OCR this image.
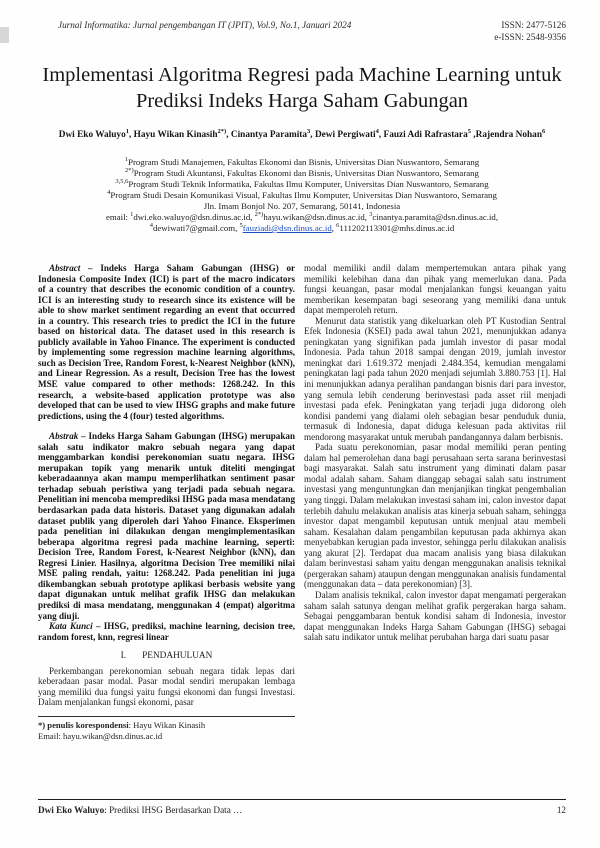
Jurnal Informatika: Jurnal pengembangan IT (JPIT), Vol.9, No.1, Januari 2024	ISSN: 2477-5126
e-ISSN: 2548-9356
Implementasi Algoritma Regresi pada Machine Learning untuk Prediksi Indeks Harga Saham Gabungan
Dwi Eko Waluyo$^1$, Hayu Wikan Kinasih$^{2*)}$, Cinantya Paramita$^3$, Dewi Pergiwati$^4$, Fauzi Adi Rafrastara$^5$ ,Rajendra Nohan$^6$
$^1$Program Studi Manajemen, Fakultas Ekonomi dan Bisnis, Universitas Dian Nuswantoro, Semarang
$^{2*)}$Program Studi Akuntansi, Fakultas Ekonomi dan Bisnis, Universitas Dian Nuswantoro, Semarang
$^{3,5,6}$Program Studi Teknik Informatika, Fakultas Ilmu Komputer, Universitas Dian Nuswantoro, Semarang
$^4$Program Studi Desain Komunikasi Visual, Fakultas Ilmu Komputer, Universitas Dian Nuswantoro, Semarang
Jln. Imam Bonjol No. 207, Semarang, 50141, Indonesia
email: $^1$dwi.eko.waluyo@dsn.dinus.ac.id, $^{2*)}$hayu.wikan@dsn.dinus.ac.id, $^3$cinantya.paramita@dsn.dinus.ac.id,
$^4$dewiwati7@gmail.com, $^5$fauziadi@dsn.dinus.ac.id, $^6$111202113301@mhs.dinus.ac.id

Abstract – Indeks Harga Saham Gabungan (IHSG) or Indonesia Composite Index (ICI) is part of the macro indicators of a country that describes the economic condition of a country. ICI is an interesting study to research since its existence will be able to show market sentiment regarding an event that occurred in a country. This research tries to predict the ICI in the future based on historical data. The dataset used in this research is publicly available in Yahoo Finance. The experiment is conducted by implementing some regression machine learning algorithms, such as Decision Tree, Random Forest, k-Nearest Neighbor (kNN), and Linear Regression. As a result, Decision Tree has the lowest MSE value compared to other methods: 1268.242. In this research, a website-based application prototype was also developed that can be used to view IHSG graphs and make future predictions, using the 4 (four) tested algorithms.

Abstrak – Indeks Harga Saham Gabungan (IHSG) merupakan salah satu indikator makro sebuah negara yang dapat menggambarkan kondisi perekonomian suatu negara. IHSG merupakan topik yang menarik untuk diteliti mengingat keberadaannya akan mampu memperlihatkan sentiment pasar terhadap sebuah peristiwa yang terjadi pada sebuah negara. Penelitian ini mencoba memprediksi IHSG pada masa mendatang berdasarkan pada data historis. Dataset yang digunakan adalah dataset publik yang diperoleh dari Yahoo Finance. Eksperimen pada penelitian ini dilakukan dengan mengimplementasikan beberapa algoritma regresi pada machine learning, seperti: Decision Tree, Random Forest, k-Nearest Neighbor (kNN), dan Regresi Linier. Hasilnya, algoritma Decision Tree memiliki nilai MSE paling rendah, yaitu: 1268.242. Pada penelitian ini juga dikembangkan sebuah prototype aplikasi berbasis website yang dapat digunakan untuk melihat grafik IHSG dan melakukan prediksi di masa mendatang, menggunakan 4 (empat) algoritma yang diuji.

Kata Kunci – IHSG, prediksi, machine learning, decision tree, random forest, knn, regresi linear

I. PENDAHULUAN

Perkembangan perekonomian sebuah negara tidak lepas dari keberadaan pasar modal. Pasar modal sendiri merupakan lembaga yang memiliki dua fungsi yaitu fungsi ekonomi dan fungsi Investasi. Dalam menjalankan fungsi ekonomi, pasar

*) penulis korespondensi: Hayu Wikan Kinasih
Email: hayu.wikan@dsn.dinus.ac.id

modal memiliki andil dalam mempertemukan antara pihak yang memiliki kelebihan dana dan pihak yang memerlukan dana. Pada fungsi keuangan, pasar modal menjalankan fungsi keuangan yaitu memberikan kesempatan bagi seseorang yang memiliki dana untuk dapat memperoleh return.

Menurut data statistik yang dikeluarkan oleh PT Kustodian Sentral Efek Indonesia (KSEI) pada awal tahun 2021, menunjukkan adanya peningkatan yang signifikan pada jumlah investor di pasar modal Indonesia. Pada tahun 2018 sampai dengan 2019, jumlah investor meningkat dari 1.619.372 menjadi 2.484.354, kemudian mengalami peningkatan lagi pada tahun 2020 menjadi sejumlah 3.880.753 [1]. Hal ini menunjukkan adanya peralihan pandangan bisnis dari para investor, yang semula lebih cenderung berinvestasi pada asset riil menjadi investasi pada efek. Peningkatan yang terjadi juga didorong oleh kondisi pandemi yang dialami oleh sebagian besar penduduk dunia, termasuk di Indonesia, dapat diduga kelesuan pada aktivitas riil mendorong masyarakat untuk merubah pandangannya dalam berbisnis.

Pada suatu perekonomian, pasar modal memiliki peran penting dalam hal pemerolehan dana bagi perusahaan serta sarana berinvestasi bagi masyarakat. Salah satu instrument yang diminati dalam pasar modal adalah saham. Saham dianggap sebagai salah satu instrument investasi yang menguntungkan dan menjanjikan tingkat pengembalian yang tinggi. Dalam melakukan investasi saham ini, calon investor dapat terlebih dahulu melakukan analisis atas kinerja sebuah saham, sehingga investor dapat mengambil keputusan untuk menjual atau membeli saham. Kesalahan dalam pengambilan keputusan pada akhirnya akan menyebabkan kerugian pada investor, sehingga perlu dilakukan analisis yang akurat [2]. Terdapat dua macam analisis yang biasa dilakukan dalam berinvestasi saham yaitu dengan menggunakan analisis teknikal (pergerakan saham) ataupun dengan menggunakan analisis fundamental (menggunakan data – data perekonomian) [3].

Dalam analisis teknikal, calon investor dapat mengamati pergerakan saham salah satunya dengan melihat grafik pergerakan harga saham. Sebagai penggambaran bentuk kondisi saham di Indonesia, investor dapat menggunakan Indeks Harga Saham Gabungan (IHSG) sebagai salah satu indikator untuk melihat perubahan harga dari suatu pasar

Dwi Eko Waluyo: Prediksi IHSG Berdasarkan Data …	12
